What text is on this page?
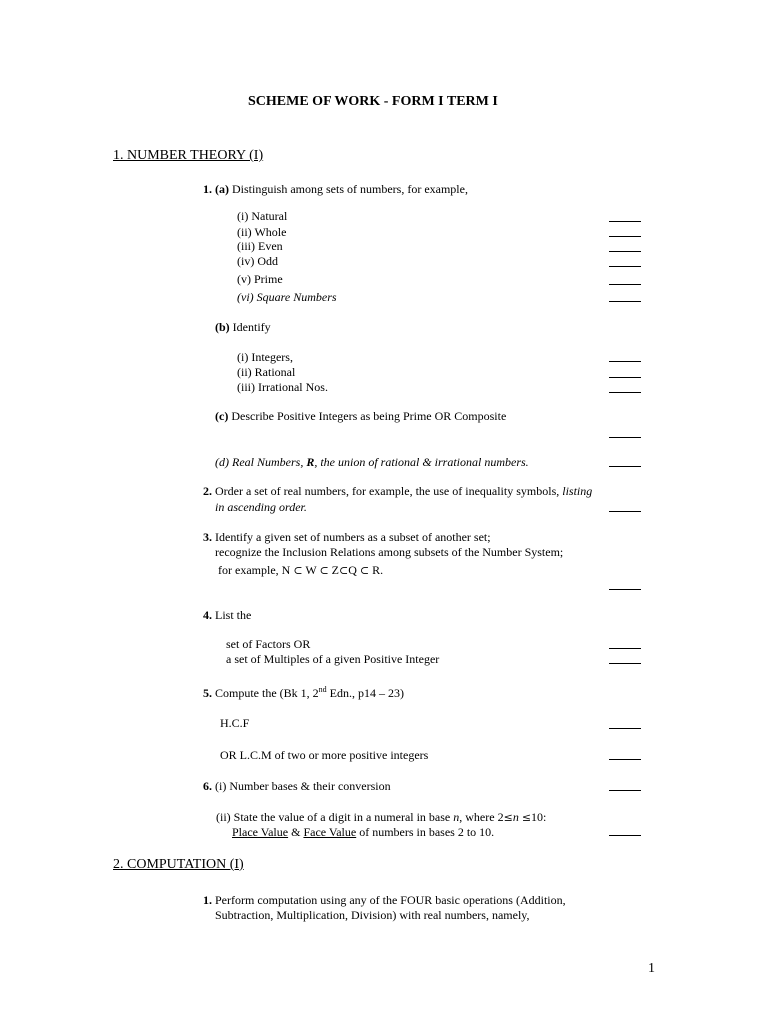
SCHEME OF WORK - FORM I TERM I
1. NUMBER THEORY (I)
1. (a) Distinguish among sets of numbers, for example,
(i) Natural
(ii) Whole
(iii) Even
(iv) Odd
(v) Prime
(vi) Square Numbers
(b) Identify
(i) Integers,
(ii) Rational
(iii) Irrational Nos.
(c) Describe Positive Integers as being Prime OR Composite
(d) Real Numbers, R, the union of rational & irrational numbers.
2. Order a set of real numbers, for example, the use of inequality symbols, listing
in ascending order.
3. Identify a given set of numbers as a subset of another set;
recognize the Inclusion Relations among subsets of the Number System;
for example, N ⊂ W ⊂ Z⊂Q ⊂ R.
4. List the
set of Factors OR
a set of Multiples of a given Positive Integer
5. Compute the (Bk 1, 2nd Edn., p14 – 23)
H.C.F
OR L.C.M of two or more positive integers
6. (i) Number bases & their conversion
(ii) State the value of a digit in a numeral in base n, where 2≤n ≤10:
Place Value & Face Value of numbers in bases 2 to 10.
2. COMPUTATION (I)
1. Perform computation using any of the FOUR basic operations (Addition,
Subtraction, Multiplication, Division) with real numbers, namely,
1
